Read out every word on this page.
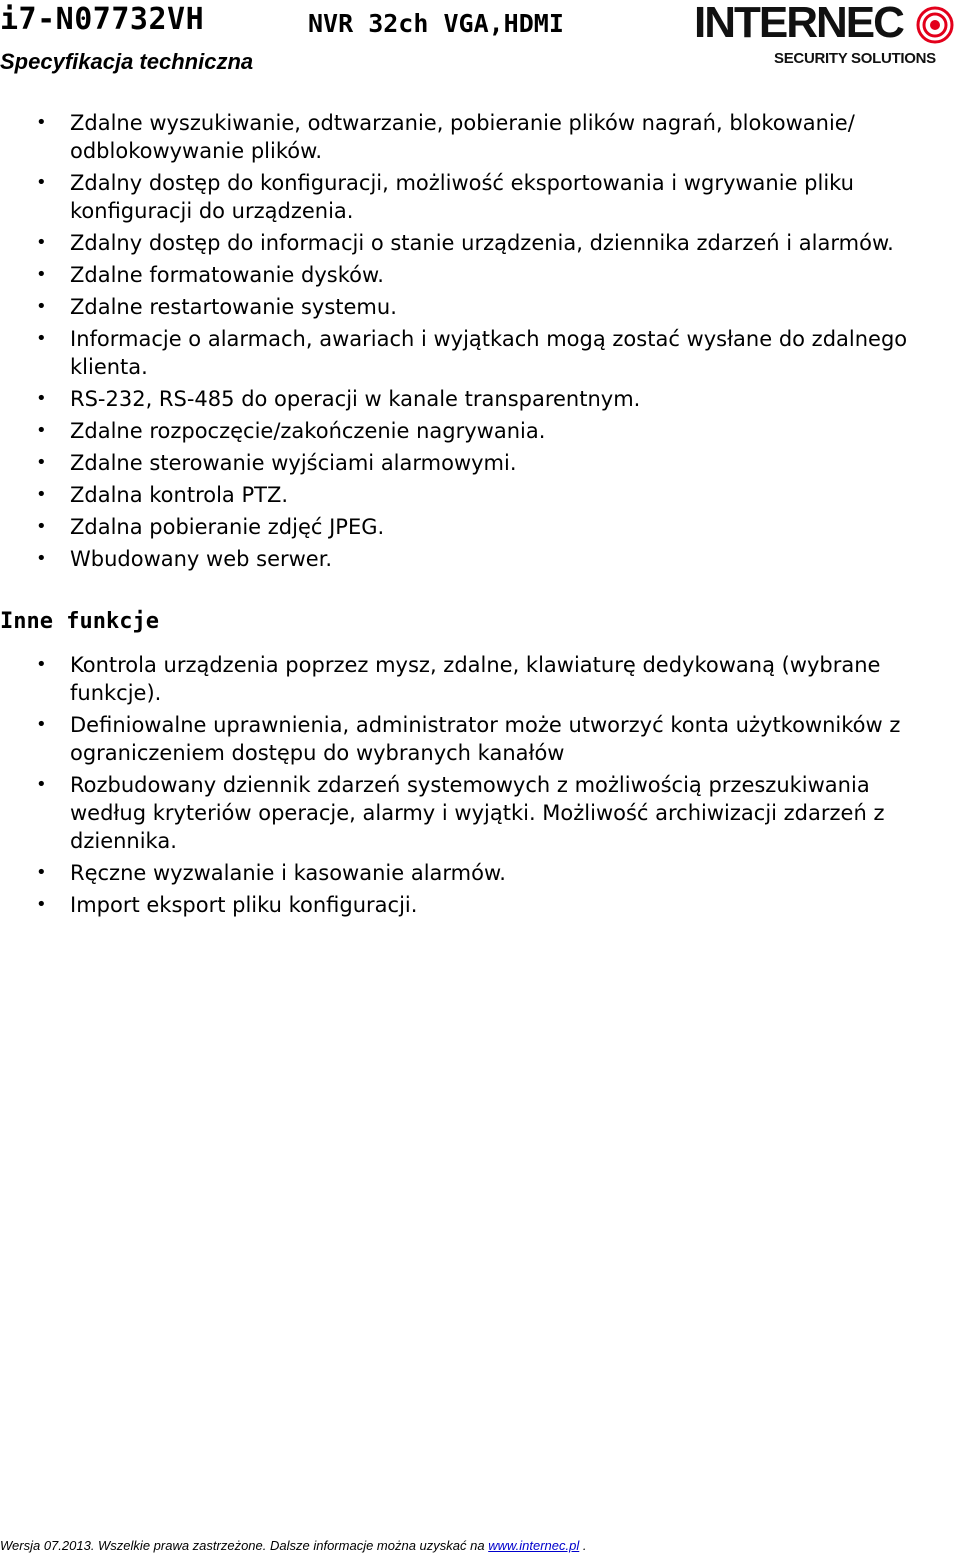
i7-N07732VH	NVR 32ch VGA,HDMI
Specyfikacja techniczna
INTERNEC
SECURITY SOLUTIONS
• Zdalne wyszukiwanie, odtwarzanie, pobieranie plików nagrań, blokowanie/ odblokowywanie plików.
• Zdalny dostęp do konfiguracji, możliwość eksportowania i wgrywanie pliku konfiguracji do urządzenia.
• Zdalny dostęp do informacji o stanie urządzenia, dziennika zdarzeń i alarmów.
• Zdalne formatowanie dysków.
• Zdalne restartowanie systemu.
• Informacje o alarmach, awariach i wyjątkach mogą zostać wysłane do zdalnego klienta.
• RS-232, RS-485 do operacji w kanale transparentnym.
• Zdalne rozpoczęcie/zakończenie nagrywania.
• Zdalne sterowanie wyjściami alarmowymi.
• Zdalna kontrola PTZ.
• Zdalna pobieranie zdjęć JPEG.
• Wbudowany web serwer.
Inne funkcje
• Kontrola urządzenia poprzez mysz, zdalne, klawiaturę dedykowaną (wybrane funkcje).
• Definiowalne uprawnienia, administrator może utworzyć konta użytkowników z ograniczeniem dostępu do wybranych kanałów
• Rozbudowany dziennik zdarzeń systemowych z możliwością przeszukiwania według kryteriów operacje, alarmy i wyjątki. Możliwość archiwizacji zdarzeń z dziennika.
• Ręczne wyzwalanie i kasowanie alarmów.
• Import eksport pliku konfiguracji.
Wersja 07.2013. Wszelkie prawa zastrzeżone. Dalsze informacje można uzyskać na www.internec.pl .
